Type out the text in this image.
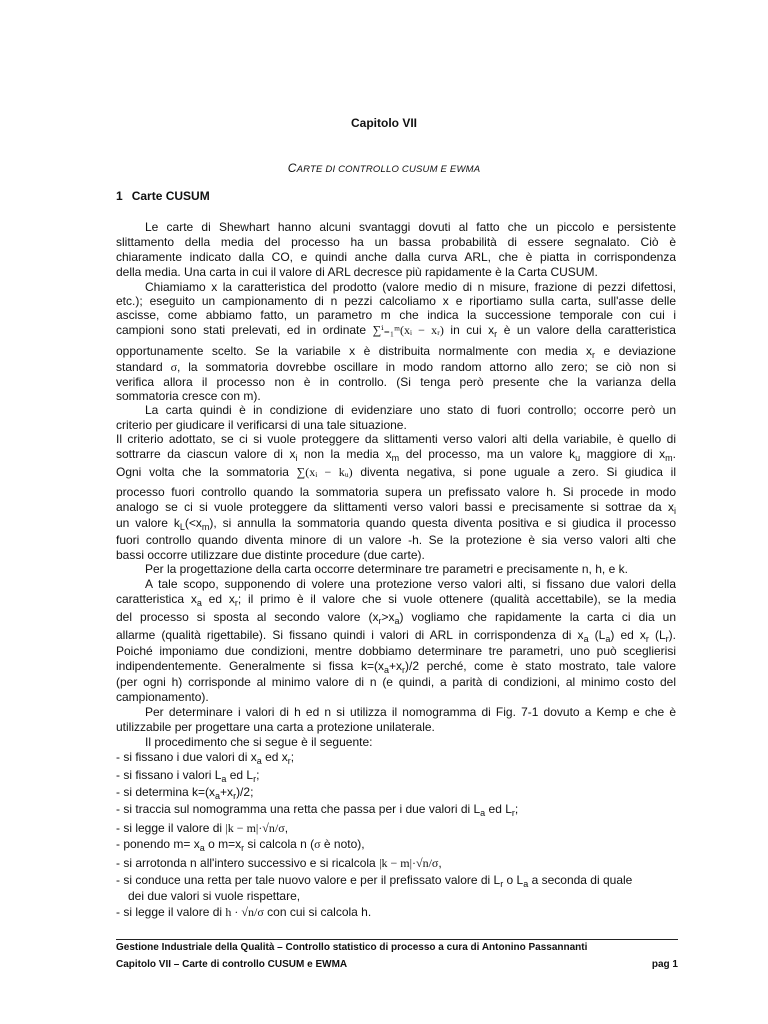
Capitolo VII
CARTE DI CONTROLLO CUSUM E EWMA
1 Carte CUSUM
Le carte di Shewhart hanno alcuni svantaggi dovuti al fatto che un piccolo e persistente
slittamento della media del processo ha un bassa probabilità di essere segnalato. Ciò è
chiaramente indicato dalla CO, e quindi anche dalla curva ARL, che è piatta in corrispondenza
della media. Una carta in cui il valore di ARL decresce più rapidamente è la Carta CUSUM.
Chiamiamo x la caratteristica del prodotto (valore medio di n misure, frazione di pezzi difettosi,
etc.); eseguito un campionamento di n pezzi calcoliamo x e riportiamo sulla carta, sull'asse delle
ascisse, come abbiamo fatto, un parametro m che indica la successione temporale con cui i
campioni sono stati prelevati, ed in ordinate ∑ⁱ₌₁ᵐ(xᵢ − xᵣ) in cui $x_r$ è un valore della caratteristica
opportunamente scelto. Se la variabile x è distribuita normalmente con media $x_r$ e deviazione
standard σ, la sommatoria dovrebbe oscillare in modo random attorno allo zero; se ciò non si
verifica allora il processo non è in controllo. (Si tenga però presente che la varianza della
sommatoria cresce con m).
La carta quindi è in condizione di evidenziare uno stato di fuori controllo; occorre però un
criterio per giudicare il verificarsi di una tale situazione.
Il criterio adottato, se ci si vuole proteggere da slittamenti verso valori alti della variabile, è quello di
sottrarre da ciascun valore di $x_i$ non la media $x_m$ del processo, ma un valore $k_u$ maggiore di $x_m$.
Ogni volta che la sommatoria ∑(xᵢ − kᵤ) diventa negativa, si pone uguale a zero. Si giudica il
processo fuori controllo quando la sommatoria supera un prefissato valore h. Si procede in modo
analogo se ci si vuole proteggere da slittamenti verso valori bassi e precisamente si sottrae da $x_i$
un valore $k_L(<x_m)$, si annulla la sommatoria quando questa diventa positiva e si giudica il processo
fuori controllo quando diventa minore di un valore -h. Se la protezione è sia verso valori alti che
bassi occorre utilizzare due distinte procedure (due carte).
Per la progettazione della carta occorre determinare tre parametri e precisamente n, h, e k.
A tale scopo, supponendo di volere una protezione verso valori alti, si fissano due valori della
caratteristica $x_a$ ed $x_r$; il primo è il valore che si vuole ottenere (qualità accettabile), se la media
del processo si sposta al secondo valore $(x_r>x_a)$ vogliamo che rapidamente la carta ci dia un
allarme (qualità rigettabile). Si fissano quindi i valori di ARL in corrispondenza di $x_a$ $(L_a)$ ed $x_r$ $(L_r)$.
Poiché imponiamo due condizioni, mentre dobbiamo determinare tre parametri, uno può sceglierisi
indipendentemente. Generalmente si fissa $k=(x_a+x_r)/2$ perché, come è stato mostrato, tale valore
(per ogni h) corrisponde al minimo valore di n (e quindi, a parità di condizioni, al minimo costo del
campionamento).
Per determinare i valori di h ed n si utilizza il nomogramma di Fig. 7-1 dovuto a Kemp e che è
utilizzabile per progettare una carta a protezione unilaterale.
Il procedimento che si segue è il seguente:
- si fissano i due valori di $x_a$ ed $x_r$;
- si fissano i valori $L_a$ ed $L_r$;
- si determina $k=(x_a+x_r)/2$;
- si traccia sul nomogramma una retta che passa per i due valori di $L_a$ ed $L_r$;
- si legge il valore di |k − m|·√n/σ,
- ponendo $m= x_a$ o $m=x_r$ si calcola n (σ è noto),
- si arrotonda n all'intero successivo e si ricalcola |k − m|·√n/σ,
- si conduce una retta per tale nuovo valore e per il prefissato valore di $L_r$ o $L_a$ a seconda di quale
dei due valori si vuole rispettare,
- si legge il valore di h · √n/σ con cui si calcola h.
Gestione Industriale della Qualità – Controllo statistico di processo a cura di Antonino Passannanti
Capitolo VII – Carte di controllo CUSUM e EWMA	pag 1
